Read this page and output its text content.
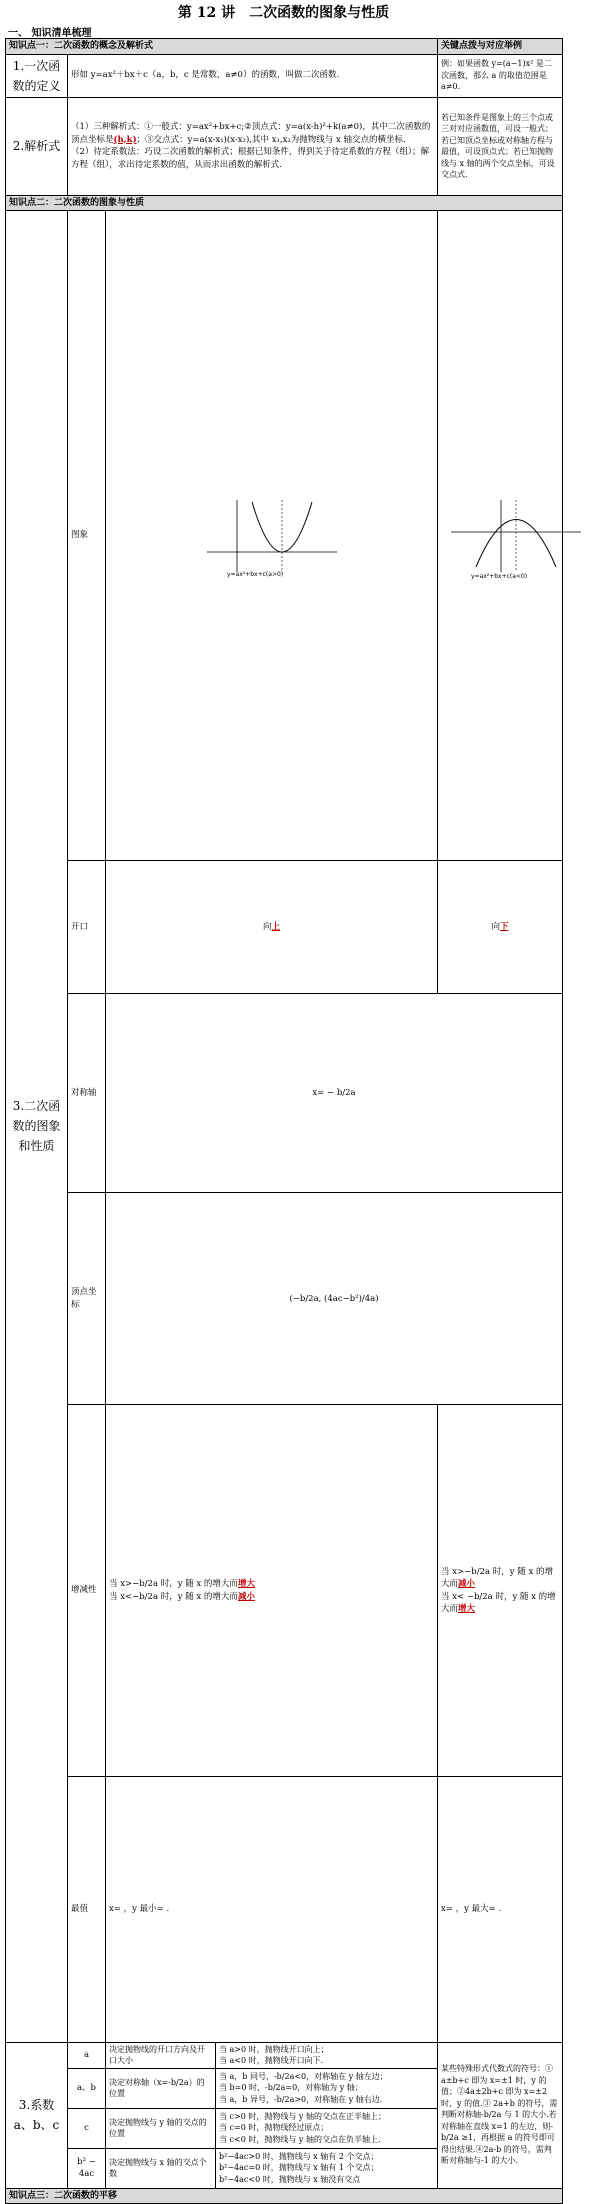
第 12 讲　二次函数的图象与性质
一、 知识清单梳理
知识点一：二次函数的概念及解析式				关键点拨与对应举例	
1.一次函数的定义	形如 y=ax²＋bx＋c（a，b，c 是常数，a≠0）的函数，叫做二次函数.			例：如果函数 y=(a−1)x² 是二次函数，那么 a 的取值范围是 a≠0.	
2.解析式	（1）三种解析式：①一般式：y=ax²+bx+c;②顶点式：y=a(x-h)²+k(a≠0)，其中二次函数的顶点坐标是(h,k)；③交点式：y=a(x-x₁)(x-x₂),其中 x₁,x₂为抛物线与 x 轴交点的横坐标.
（2）待定系数法：巧设二次函数的解析式；根据已知条件，得到关于待定系数的方程（组）；解方程（组），求出待定系数的值，从而求出函数的解析式.			若已知条件是图象上的三个点或三对对应函数值，可设一般式；若已知顶点坐标或对称轴方程与最值，可设顶点式；若已知抛物线与 x 轴的两个交点坐标，可设交点式.	
知识点二：二次函数的图象与性质					
3.二次函数的图象和性质	图象	y=ax²+bx+c(a>0)		y=ax²+bx+c(a<0)

	开口	向上		向下	
	对称轴	x= − b/2a			
	顶点坐标	(−b/2a, (4ac−b²)/4a)			
	增减性	当 x>−b/2a 时，y 随 x 的增大而增大
当 x<−b/2a 时，y 随 x 的增大而减小		当 x>−b/2a 时，y 随 x 的增大而减小
当 x< −b/2a 时，y 随 x 的增大而增大	
	最值	x= ，y 最小= .		x= ，y 最大= .	
3.系数 a、b、c	a	决定抛物线的开口方向及开口大小	当 a>0 时，抛物线开口向上；
当 a<0 时，抛物线开口向下.	某些特殊形式代数式的符号：① a±b+c 即为 x=±1 时，y 的值；②4a±2b+c 即为 x=±2 时，y 的值.③ 2a+b 的符号，需判断对称轴-b/2a 与 1 的大小.若对称轴在直线 x=1 的左边，则-b/2a ≥1，再根据 a 的符号即可得出结果.④2a-b 的符号，需判断对称轴与-1 的大小.	
	a、b	决定对称轴（x=-b/2a）的位置	当 a，b 同号，-b/2a<0，对称轴在 y 轴左边；
当 b=0 时，-b/2a=0，对称轴为 y 轴；
当 a，b 异号，-b/2a>0，对称轴在 y 轴右边.		
	c	决定抛物线与 y 轴的交点的位置	当 c>0 时，抛物线与 y 轴的交点在正半轴上；
当 c=0 时，抛物线经过原点；
当 c<0 时，抛物线与 y 轴的交点在负半轴上.		
	b² − 4ac	决定抛物线与 x 轴的交点个数	b²−4ac>0 时，抛物线与 x 轴有 2 个交点；
b²−4ac=0 时，抛物线与 x 轴有 1 个交点；
b²−4ac<0 时，抛物线与 x 轴没有交点		
知识点三：二次函数的平移					
